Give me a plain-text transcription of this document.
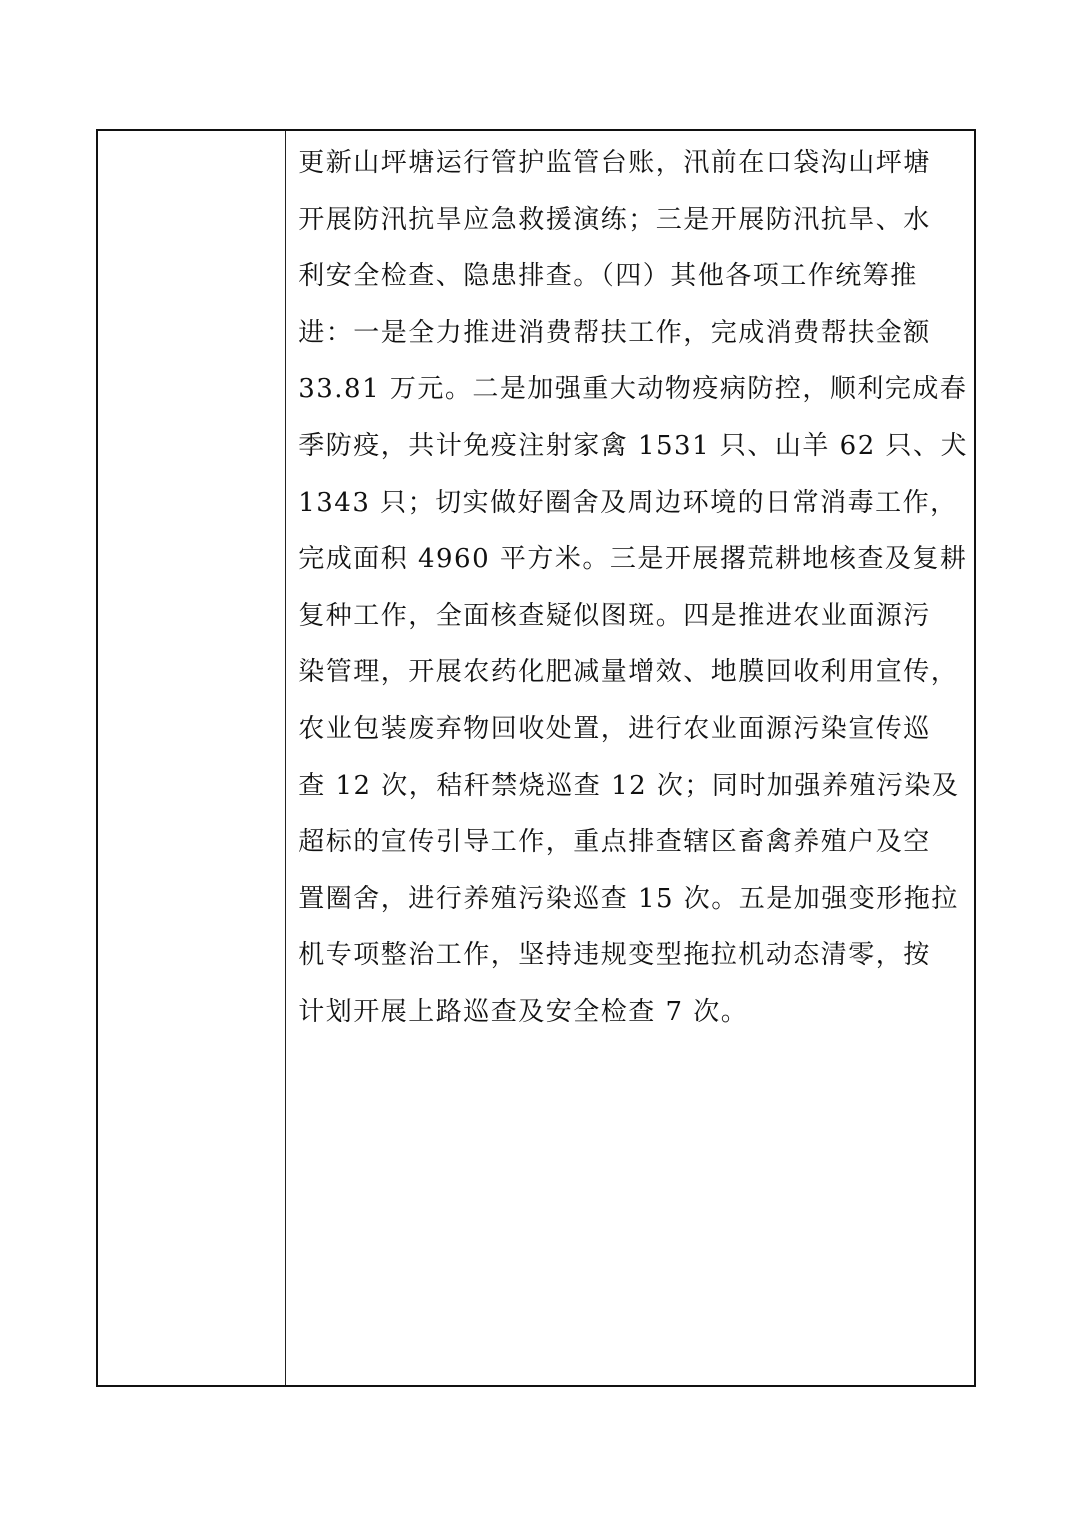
更新山坪塘运行管护监管台账，汛前在口袋沟山坪塘
开展防汛抗旱应急救援演练；三是开展防汛抗旱、水
利安全检查、隐患排查。（四）其他各项工作统筹推
进：一是全力推进消费帮扶工作，完成消费帮扶金额
33.81 万元。二是加强重大动物疫病防控，顺利完成春
季防疫，共计免疫注射家禽 1531 只、山羊 62 只、犬
1343 只；切实做好圈舍及周边环境的日常消毒工作，
完成面积 4960 平方米。三是开展撂荒耕地核查及复耕
复种工作，全面核查疑似图斑。四是推进农业面源污
染管理，开展农药化肥减量增效、地膜回收利用宣传，
农业包装废弃物回收处置，进行农业面源污染宣传巡
查 12 次，秸秆禁烧巡查 12 次；同时加强养殖污染及
超标的宣传引导工作，重点排查辖区畜禽养殖户及空
置圈舍，进行养殖污染巡查 15 次。五是加强变形拖拉
机专项整治工作，坚持违规变型拖拉机动态清零，按
计划开展上路巡查及安全检查 7 次。
